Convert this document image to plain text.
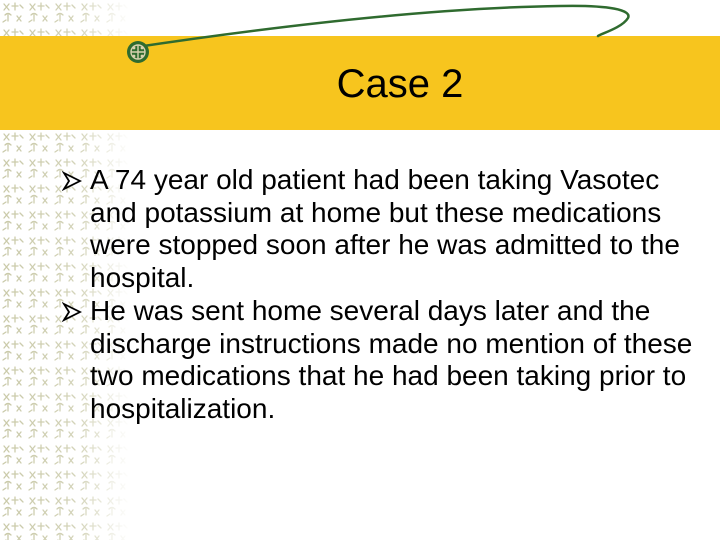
Case 2
A 74 year old patient had been taking Vasotec and potassium at home but these medications were stopped soon after he was admitted to the hospital.
He was sent home several days later and the discharge instructions made no mention of these two medications that he had been taking prior to hospitalization.
